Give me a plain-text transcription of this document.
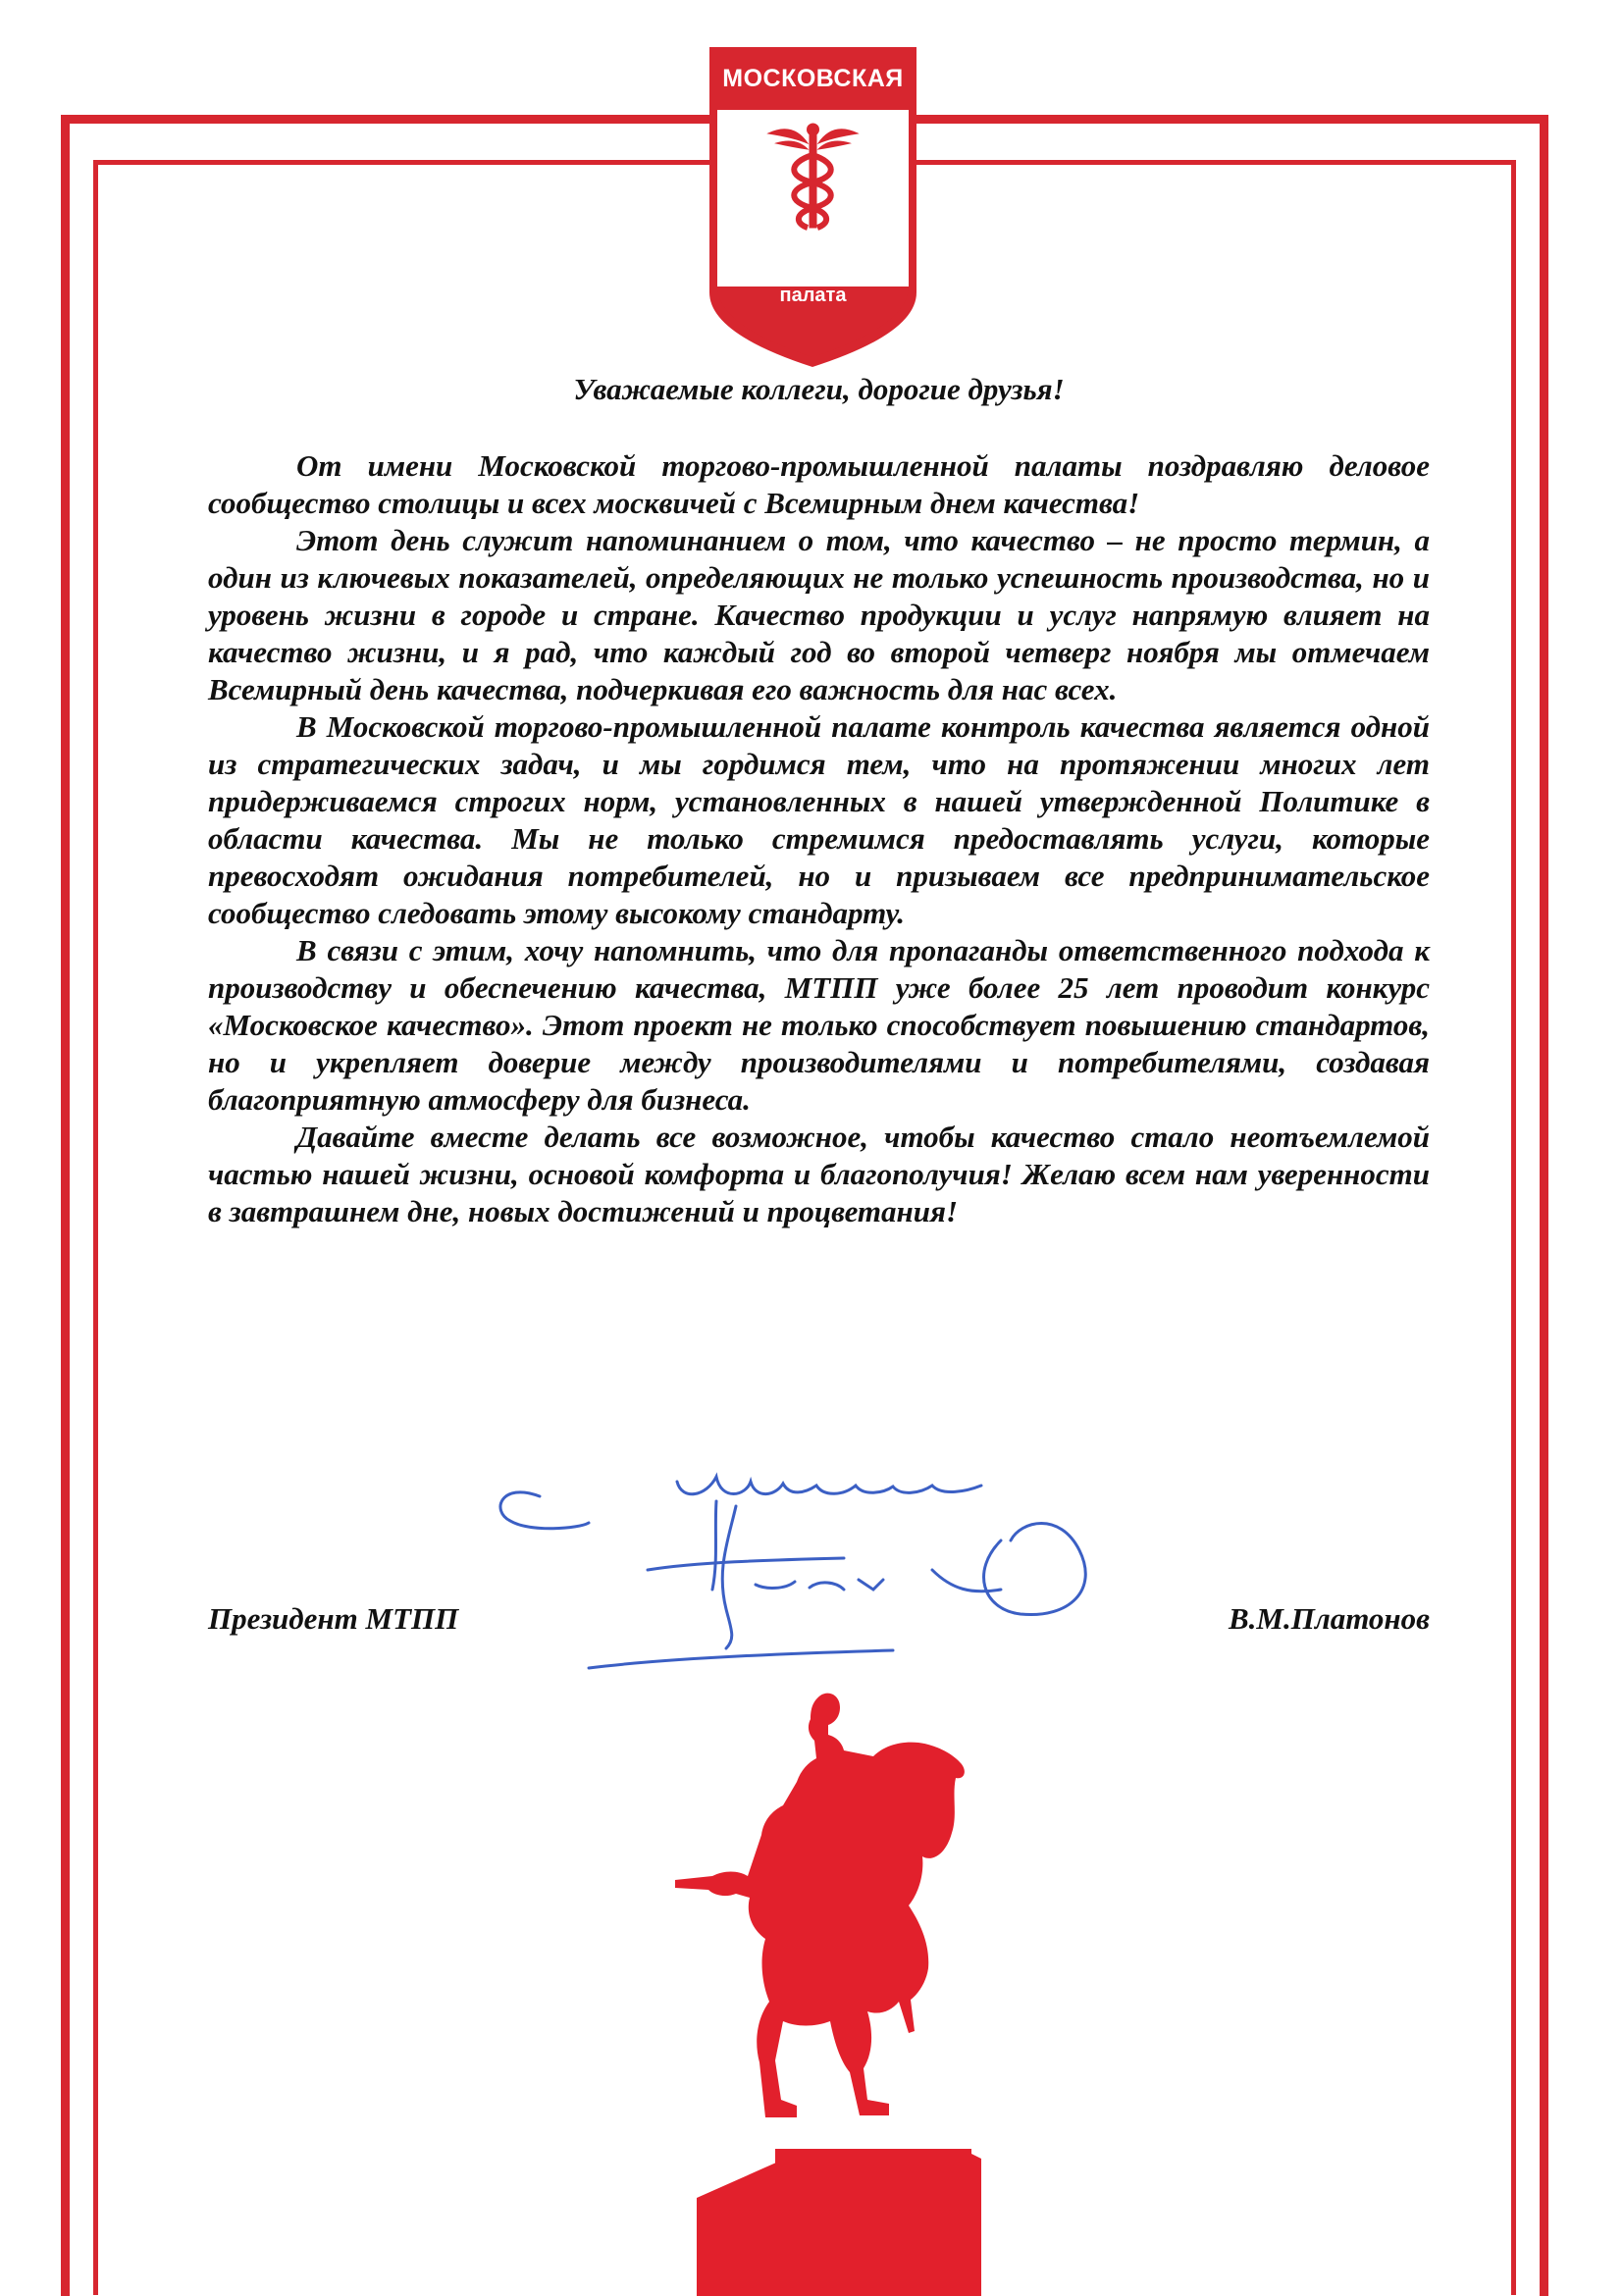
МОСКОВСКАЯ
торгово-
промышленная
палата

Уважаемые коллеги, дорогие друзья!

От имени Московской торгово-промышленной палаты поздравляю деловое сообщество столицы и всех москвичей с Всемирным днем качества!

Этот день служит напоминанием о том, что качество – не просто термин, а один из ключевых показателей, определяющих не только успешность производства, но и уровень жизни в городе и стране. Качество продукции и услуг напрямую влияет на качество жизни, и я рад, что каждый год во второй четверг ноября мы отмечаем Всемирный день качества, подчеркивая его важность для нас всех.

В Московской торгово-промышленной палате контроль качества является одной из стратегических задач, и мы гордимся тем, что на протяжении многих лет придерживаемся строгих норм, установленных в нашей утвержденной Политике в области качества. Мы не только стремимся предоставлять услуги, которые превосходят ожидания потребителей, но и призываем все предпринимательское сообщество следовать этому высокому стандарту.

В связи с этим, хочу напомнить, что для пропаганды ответственного подхода к производству и обеспечению качества, МТПП уже более 25 лет проводит конкурс «Московское качество». Этот проект не только способствует повышению стандартов, но и укрепляет доверие между производителями и потребителями, создавая благоприятную атмосферу для бизнеса.

Давайте вместе делать все возможное, чтобы качество стало неотъемлемой частью нашей жизни, основой комфорта и благополучия! Желаю всем нам уверенности в завтрашнем дне, новых достижений и процветания!

Президент МТПП	В.М.Платонов
